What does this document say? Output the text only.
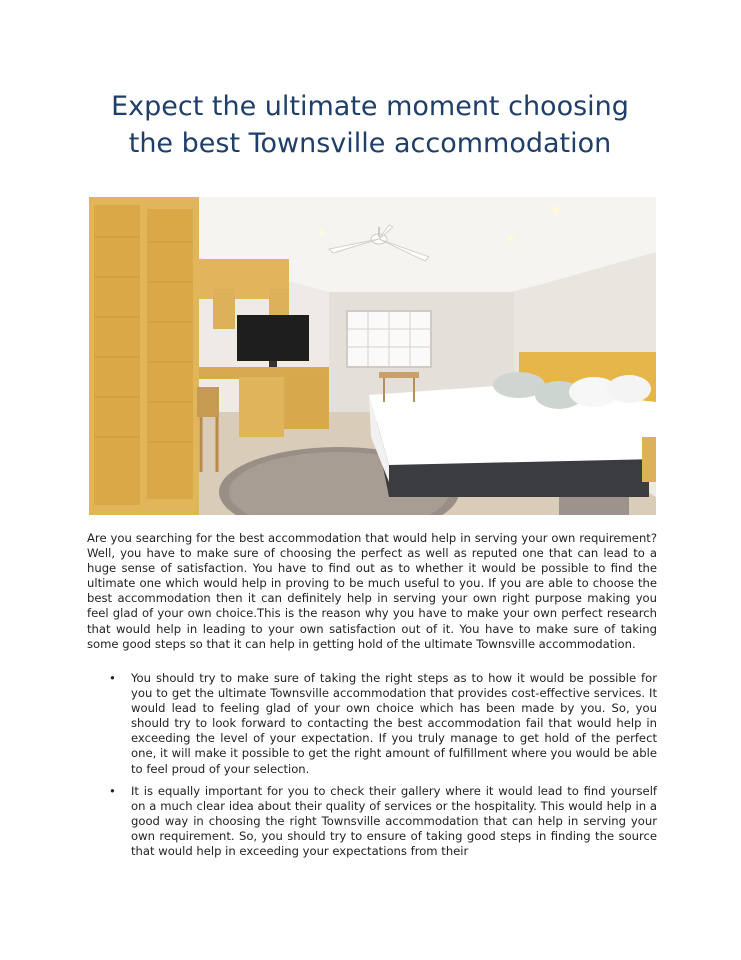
Expect the ultimate moment choosing
the best Townsville accommodation

Are you searching for the best accommodation that would help in serving your own requirement? Well, you have to make sure of choosing the perfect as well as reputed one that can lead to a huge sense of satisfaction. You have to find out as to whether it would be possible to find the ultimate one which would help in proving to be much useful to you. If you are able to choose the best accommodation then it can definitely help in serving your own right purpose making you feel glad of your own choice.This is the reason why you have to make your own perfect research that would help in leading to your own satisfaction out of it. You have to make sure of taking some good steps so that it can help in getting hold of the ultimate Townsville accommodation.

• You should try to make sure of taking the right steps as to how it would be possible for you to get the ultimate Townsville accommodation that provides cost-effective services. It would lead to feeling glad of your own choice which has been made by you. So, you should try to look forward to contacting the best accommodation fail that would help in exceeding the level of your expectation. If you truly manage to get hold of the perfect one, it will make it possible to get the right amount of fulfillment where you would be able to feel proud of your selection.
• It is equally important for you to check their gallery where it would lead to find yourself on a much clear idea about their quality of services or the hospitality. This would help in a good way in choosing the right Townsville accommodation that can help in serving your own requirement. So, you should try to ensure of taking good steps in finding the source that would help in exceeding your expectations from their
